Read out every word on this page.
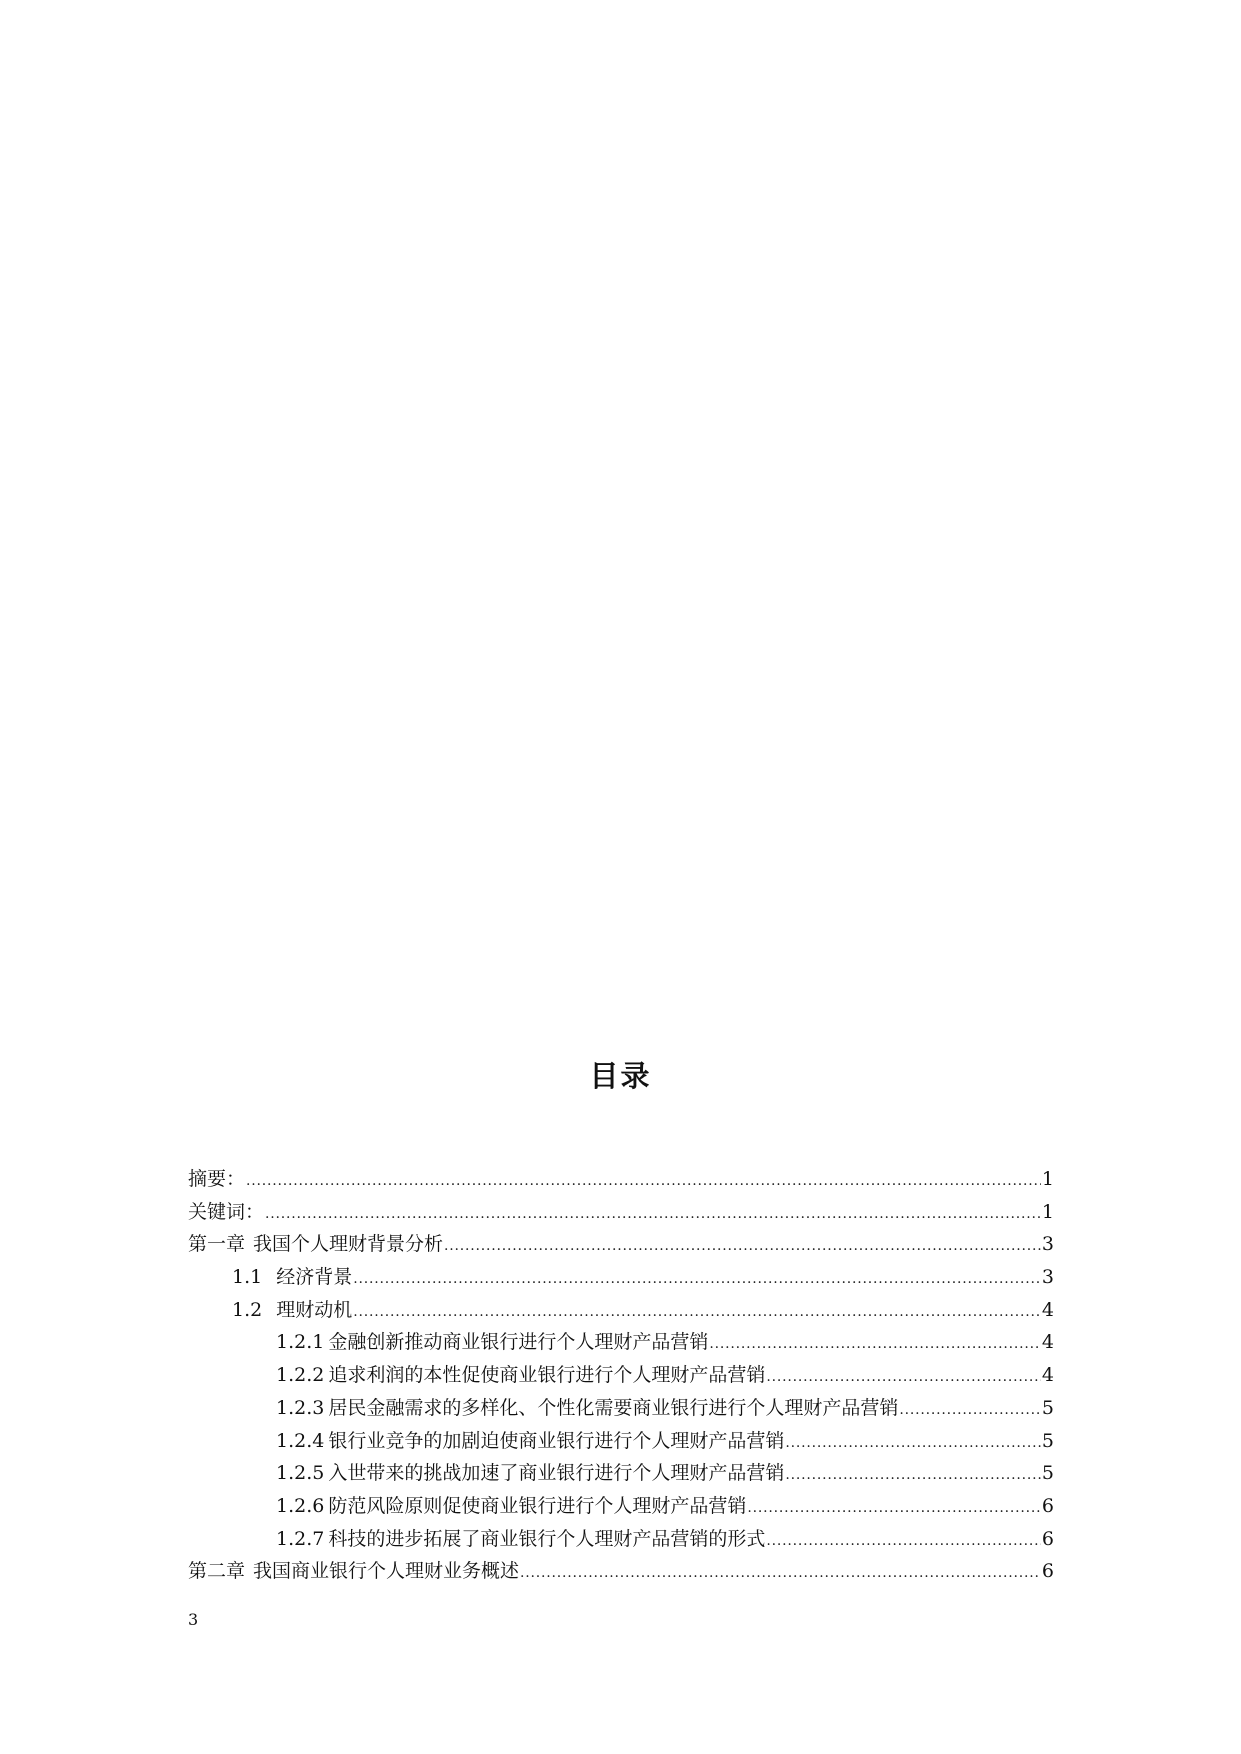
目录
摘要： .....	1
关键词： .....	1
第一章 我国个人理财背景分析 .....	3
1.1 经济背景 .....	3
1.2 理财动机 .....	4
1.2.1 金融创新推动商业银行进行个人理财产品营销 .....	4
1.2.2 追求利润的本性促使商业银行进行个人理财产品营销 .....	4
1.2.3 居民金融需求的多样化、个性化需要商业银行进行个人理财产品营销 .....	5
1.2.4 银行业竞争的加剧迫使商业银行进行个人理财产品营销 .....	5
1.2.5 入世带来的挑战加速了商业银行进行个人理财产品营销 .....	5
1.2.6 防范风险原则促使商业银行进行个人理财产品营销 .....	6
1.2.7 科技的进步拓展了商业银行个人理财产品营销的形式 .....	6
第二章 我国商业银行个人理财业务概述 .....	6

3
